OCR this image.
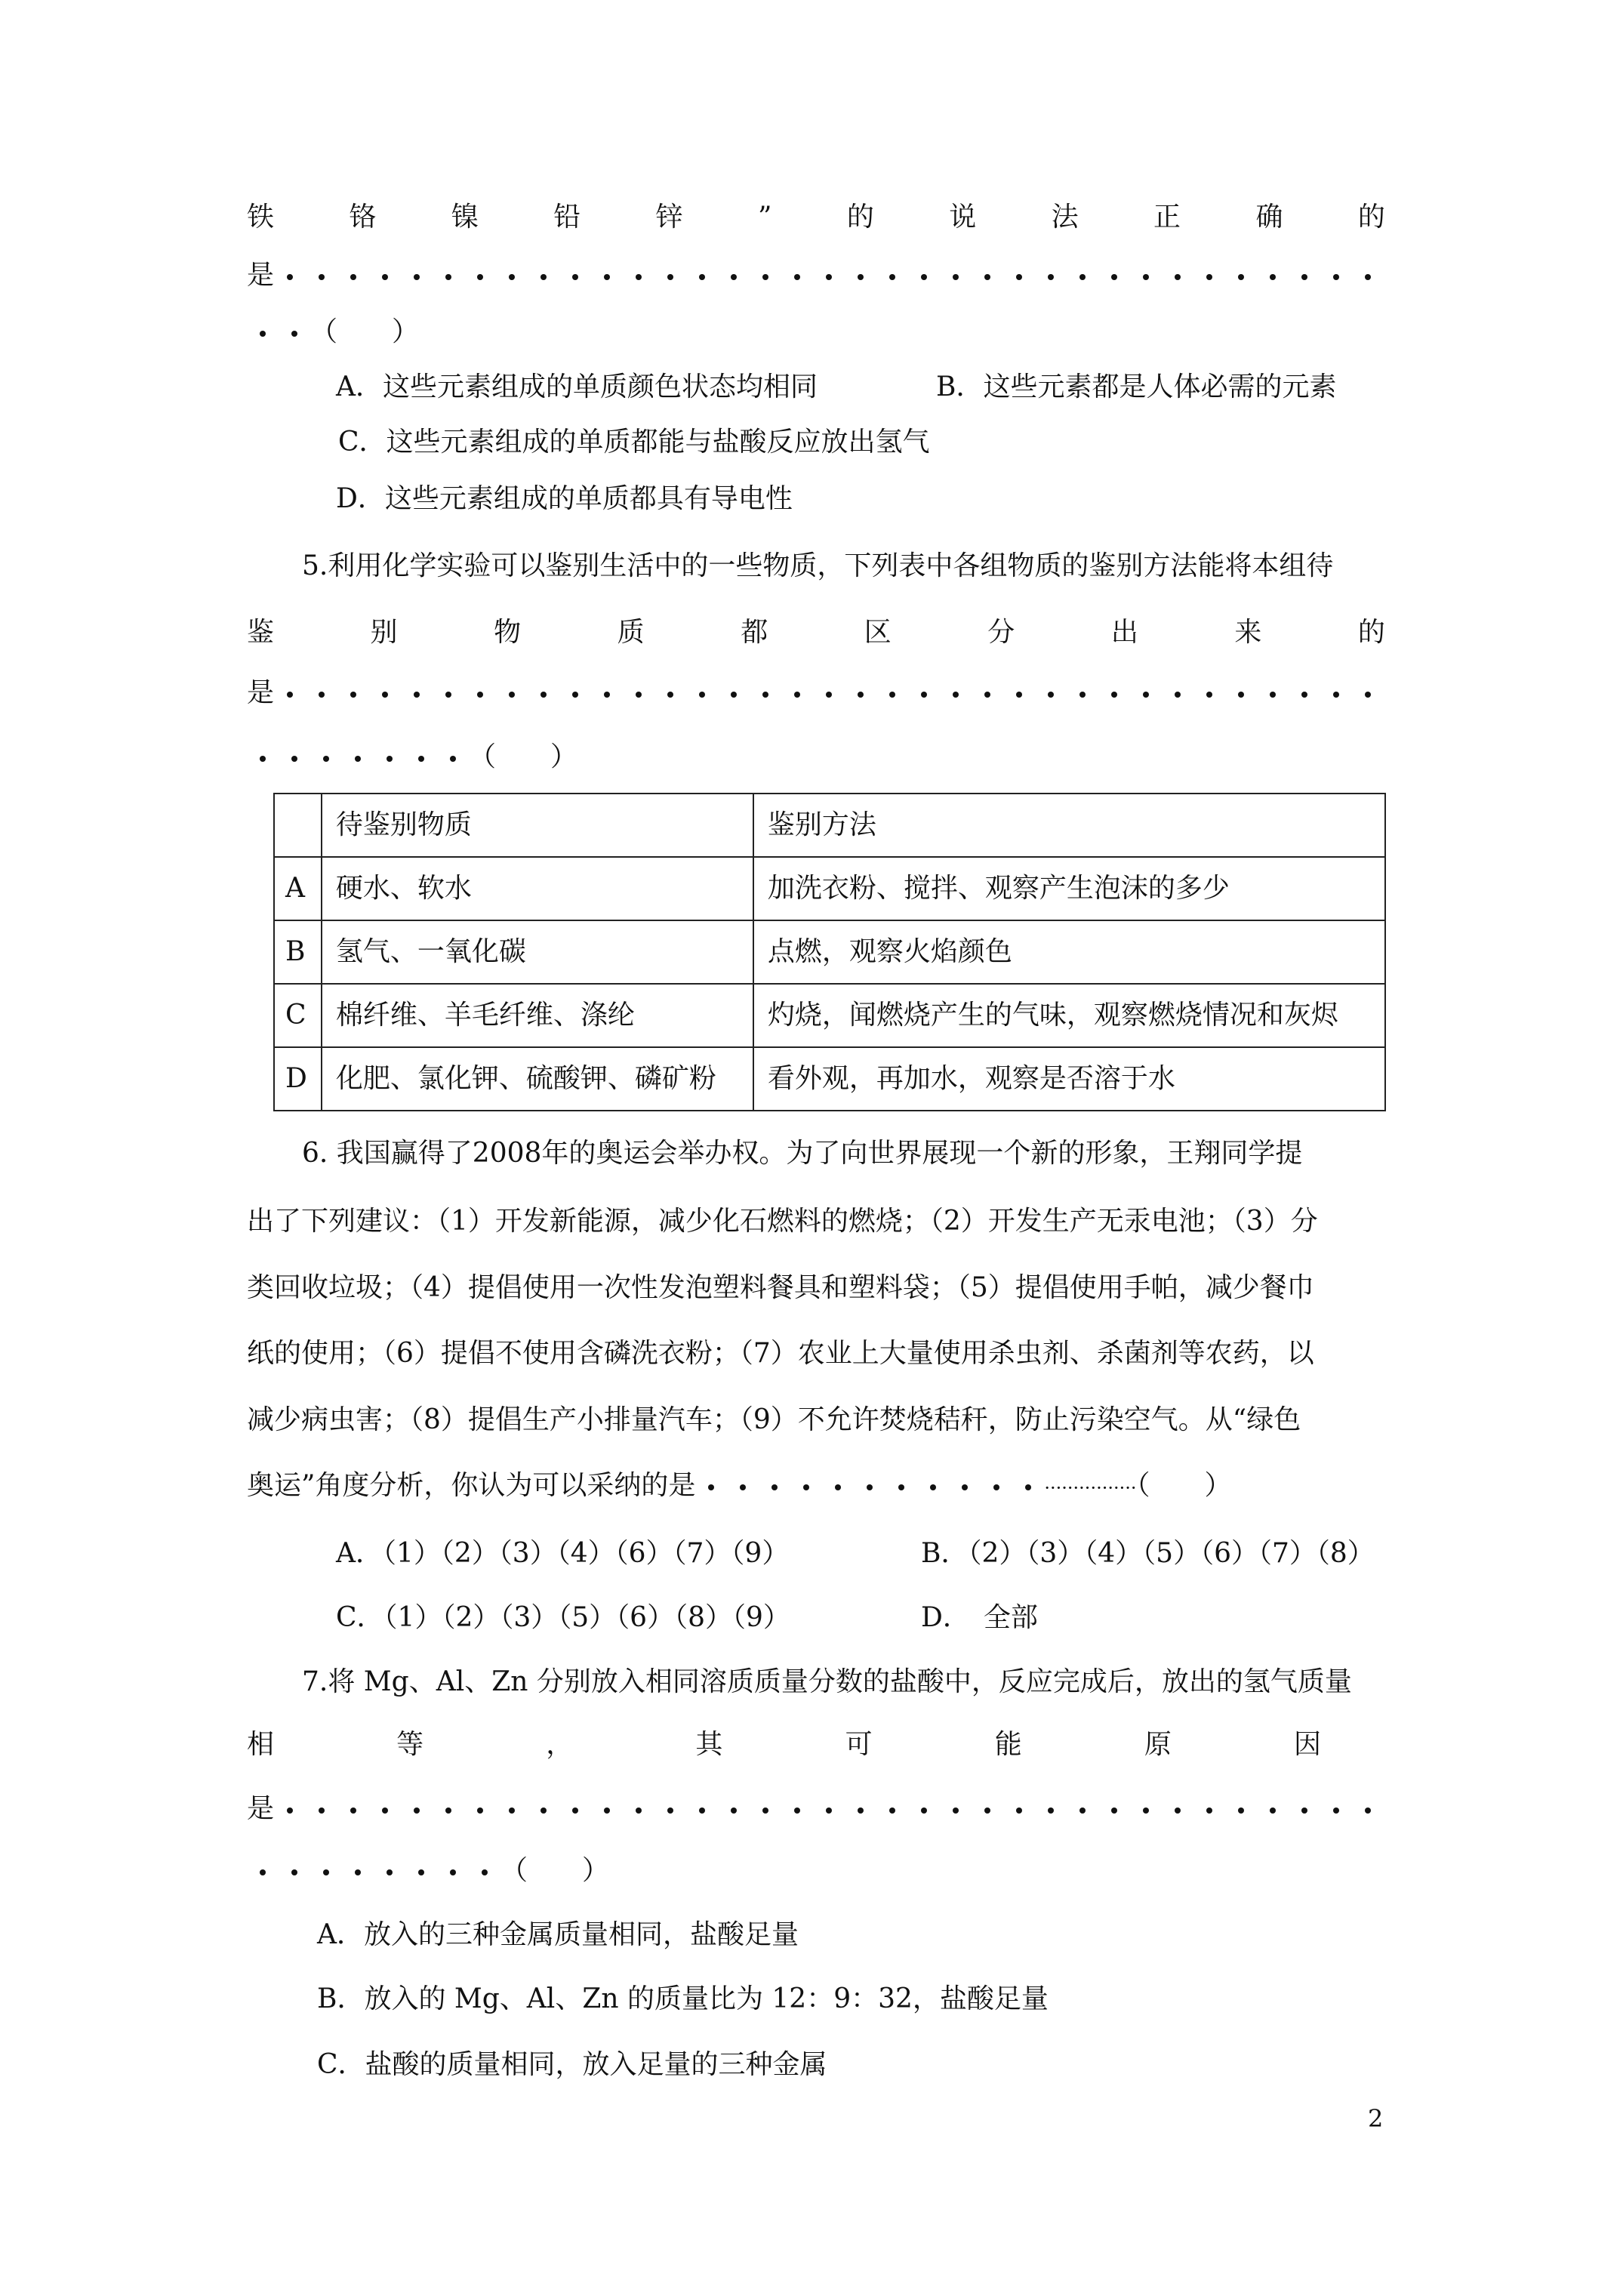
铁	铬	镍	铅	锌	”	的	说	法	正	确	的
是
（　　）
A．这些元素组成的单质颜色状态均相同	B．这些元素都是人体必需的元素
C．这些元素组成的单质都能与盐酸反应放出氢气
D．这些元素组成的单质都具有导电性
5.利用化学实验可以鉴别生活中的一些物质，下列表中各组物质的鉴别方法能将本组待
鉴	别	物	质	都	区	分	出	来	的
是
（　　）
	待鉴别物质	鉴别方法
A	硬水、软水	加洗衣粉、搅拌、观察产生泡沫的多少
B	氢气、一氧化碳	点燃，观察火焰颜色
C	棉纤维、羊毛纤维、涤纶	灼烧，闻燃烧产生的气味，观察燃烧情况和灰烬
D	化肥、氯化钾、硫酸钾、磷矿粉	看外观，再加水，观察是否溶于水
6. 我国赢得了2008年的奥运会举办权。为了向世界展现一个新的形象，王翔同学提
出了下列建议：（1）开发新能源，减少化石燃料的燃烧；（2）开发生产无汞电池；（3）分
类回收垃圾；（4）提倡使用一次性发泡塑料餐具和塑料袋；（5）提倡使用手帕，减少餐巾
纸的使用；（6）提倡不使用含磷洗衣粉；（7）农业上大量使用杀虫剂、杀菌剂等农药，以
减少病虫害；（8）提倡生产小排量汽车；（9）不允许焚烧秸秆，防止污染空气。从“绿色
奥运”角度分析，你认为可以采纳的是	················（　　）
A．（1）（2）（3）（4）（6）（7）（9）	B．（2）（3）（4）（5）（6）（7）（8）
C．（1）（2）（3）（5）（6）（8）（9）	D．　全部
7.将 Mg、Al、Zn 分别放入相同溶质质量分数的盐酸中，反应完成后，放出的氢气质量
相	等	，	其	可	能	原	因
是
（　　）
A．放入的三种金属质量相同，盐酸足量
B．放入的 Mg、Al、Zn 的质量比为 12：9：32，盐酸足量
C．盐酸的质量相同，放入足量的三种金属
2
